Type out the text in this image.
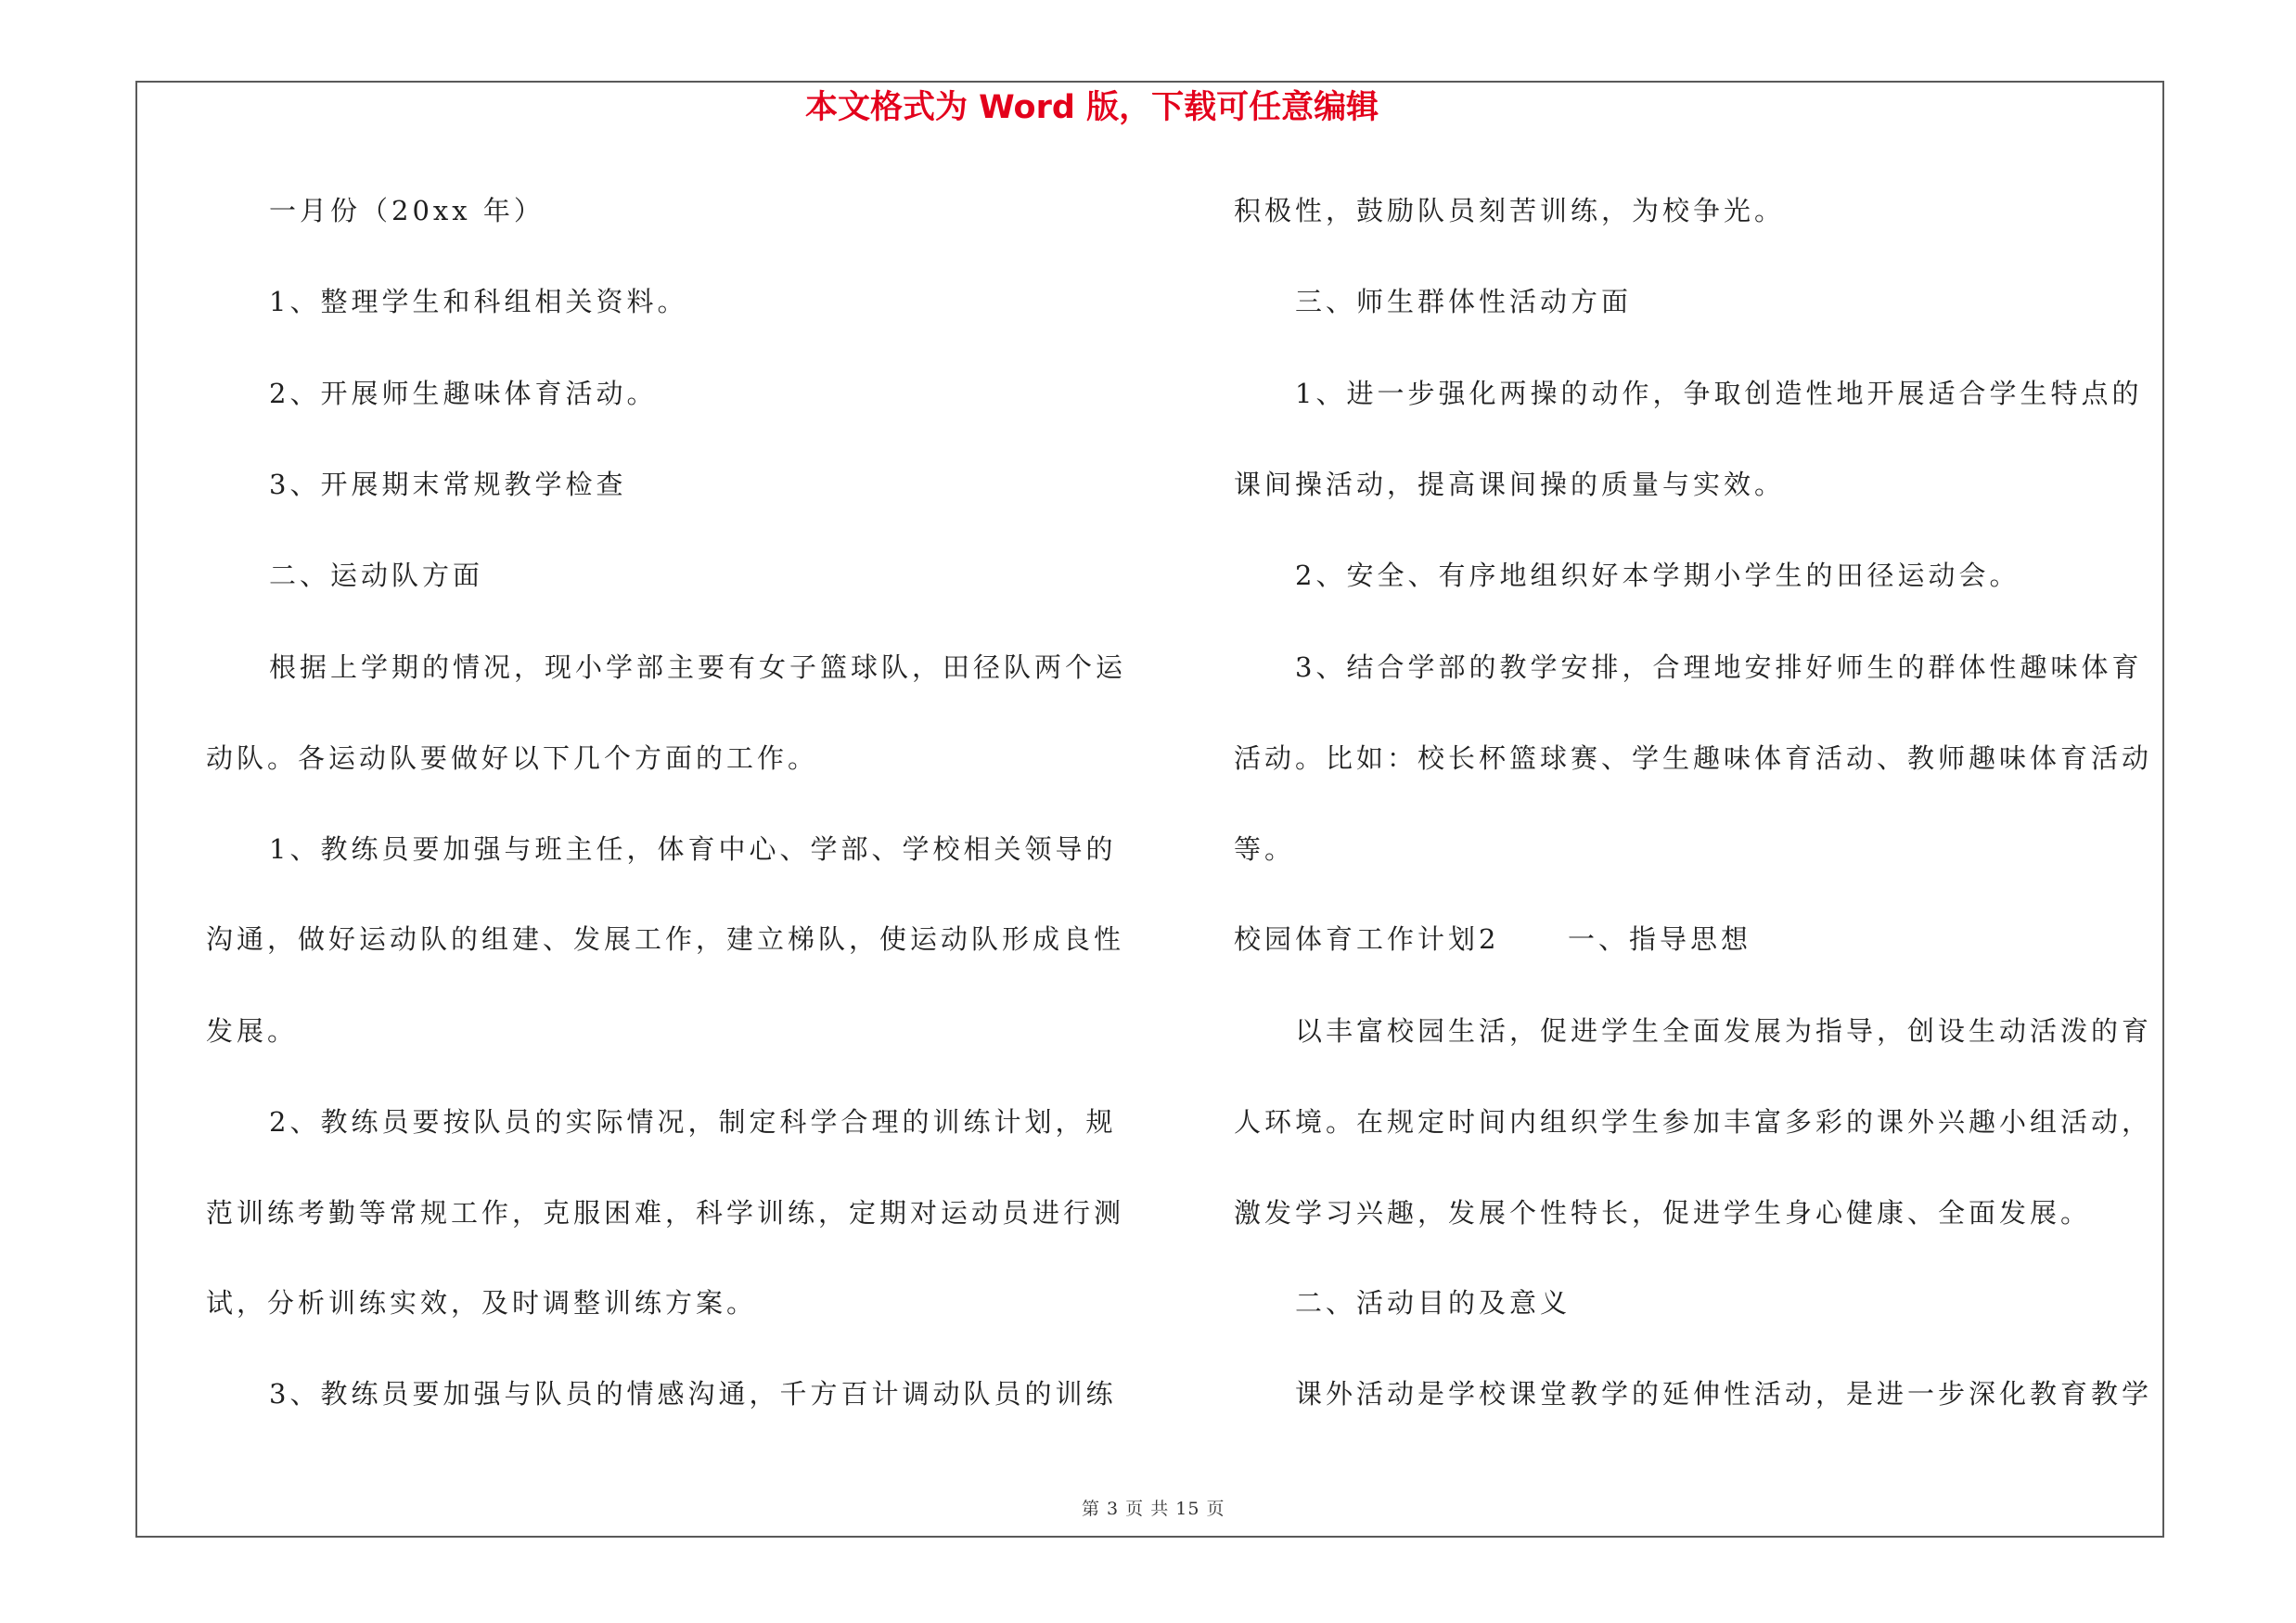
本文格式为 Word 版，下载可任意编辑
一月份（20xx 年）
1、整理学生和科组相关资料。
2、开展师生趣味体育活动。
3、开展期末常规教学检查
二、运动队方面
根据上学期的情况，现小学部主要有女子篮球队，田径队两个运
动队。各运动队要做好以下几个方面的工作。
1、教练员要加强与班主任，体育中心、学部、学校相关领导的
沟通，做好运动队的组建、发展工作，建立梯队，使运动队形成良性
发展。
2、教练员要按队员的实际情况，制定科学合理的训练计划，规
范训练考勤等常规工作，克服困难，科学训练，定期对运动员进行测
试，分析训练实效，及时调整训练方案。
3、教练员要加强与队员的情感沟通，千方百计调动队员的训练
积极性，鼓励队员刻苦训练，为校争光。
三、师生群体性活动方面
1、进一步强化两操的动作，争取创造性地开展适合学生特点的
课间操活动，提高课间操的质量与实效。
2、安全、有序地组织好本学期小学生的田径运动会。
3、结合学部的教学安排，合理地安排好师生的群体性趣味体育
活动。比如：校长杯篮球赛、学生趣味体育活动、教师趣味体育活动
等。
校园体育工作计划2	一、指导思想
以丰富校园生活，促进学生全面发展为指导，创设生动活泼的育
人环境。在规定时间内组织学生参加丰富多彩的课外兴趣小组活动，
激发学习兴趣，发展个性特长，促进学生身心健康、全面发展。
二、活动目的及意义
课外活动是学校课堂教学的延伸性活动，是进一步深化教育教学
第 3 页 共 15 页
